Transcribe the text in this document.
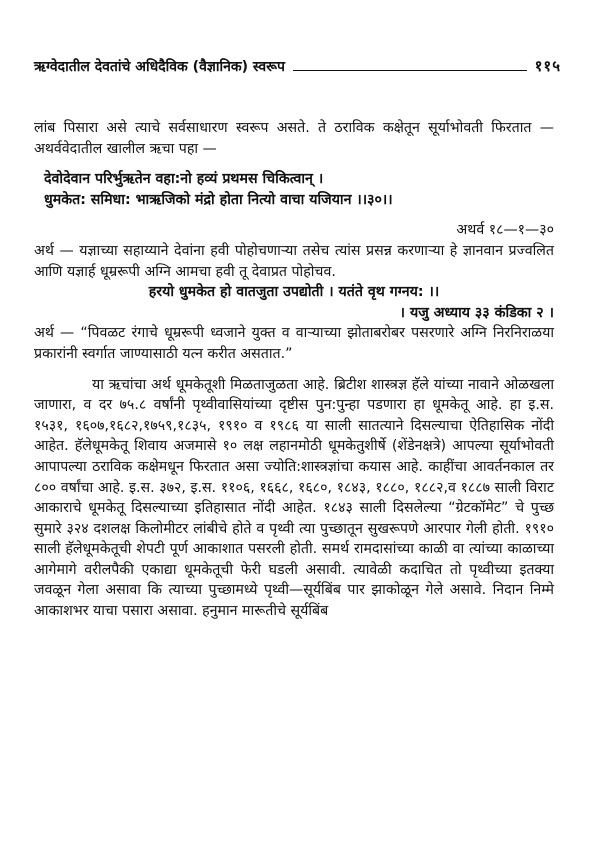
ऋग्वेदातील देवतांचे अधिदैविक (वैज्ञानिक) स्वरूप	११५

लांब पिसारा असे त्याचे सर्वसाधारण स्वरूप असते. ते ठराविक कक्षेतून सूर्याभोवती फिरतात — अथर्ववेदातील खालील ऋचा पहा —

देवोदेवान परिर्भुऋतेन वहा:नो हव्यं प्रथमस चिकित्वान् ।

धुमकेत: समिधा: भाऋजिको मंद्रो होता नित्यो वाचा यजियान ।।३०।।

अथर्व १८—१—३०

अर्थ — यज्ञाच्या सहाय्याने देवांना हवी पोहोचणाऱ्या तसेच त्यांस प्रसन्न करणाऱ्या हे ज्ञानवान प्रज्वलित आणि यज्ञार्ह धूम्ररूपी अग्नि आमचा हवी तू देवाप्रत पोहोचव.

हरयो धुमकेत हो वातजुता उपद्योती । यतंते वृथ गग्नय: ।।

। यजु अध्याय ३३ कंडिका २ ।

अर्थ — “पिवळट रंगाचे धूम्ररूपी ध्वजाने युक्त व वाऱ्याच्या झोताबरोबर पसरणारे अग्नि निरनिराळया प्रकारांनी स्वर्गात जाण्यासाठी यत्न करीत असतात.”

या ऋचांचा अर्थ धूमकेतूशी मिळताजुळता आहे. ब्रिटीश शास्त्रज्ञ हॅले यांच्या नावाने ओळखला जाणारा, व दर ७५.८ वर्षांनी पृथ्वीवासियांच्या दृष्टीस पुन:पुन्हा पडणारा हा धूमकेतू आहे. हा इ.स. १५३१, १६०७,१६८२,१७५९,१८३५, १९१० व १९८६ या साली सातत्याने दिसल्याचा ऐतिहासिक नोंदी आहेत. हॅलेधूमकेतू शिवाय अजमासे १० लक्ष लहानमोठी धूमकेतुशीर्षे (शेंडेनक्षत्रे) आपल्या सूर्याभोवती आपापल्या ठराविक कक्षेमधून फिरतात असा ज्योति:शास्त्रज्ञांचा कयास आहे. काहींचा आवर्तनकाल तर ८०० वर्षांचा आहे. इ.स. ३७२, इ.स. ११०६, १६६८, १६८०, १८४३, १८८०, १८८२,व १८८७ साली विराट आकाराचे धूमकेतू दिसल्याच्या इतिहासात नोंदी आहेत. १८४३ साली दिसलेल्या “ग्रेटकॉमेट” चे पुच्छ सुमारे ३२४ दशलक्ष किलोमीटर लांबीचे होते व पृथ्वी त्या पुच्छातून सुखरूपणे आरपार गेली होती. १९१० साली हॅलेधूमकेतूची शेपटी पूर्ण आकाशात पसरली होती. समर्थ रामदासांच्या काळी वा त्यांच्या काळाच्या आगेमागे वरीलपैकी एकाद्या धूमकेतूची फेरी घडली असावी. त्यावेळी कदाचित तो पृथ्वीच्या इतक्या जवळून गेला असावा कि त्याच्या पुच्छामध्ये पृथ्वी—सूर्यबिंब पार झाकोळून गेले असावे. निदान निम्मे आकाशभर याचा पसारा असावा. हनुमान मारूतीचे सूर्यबिंब
